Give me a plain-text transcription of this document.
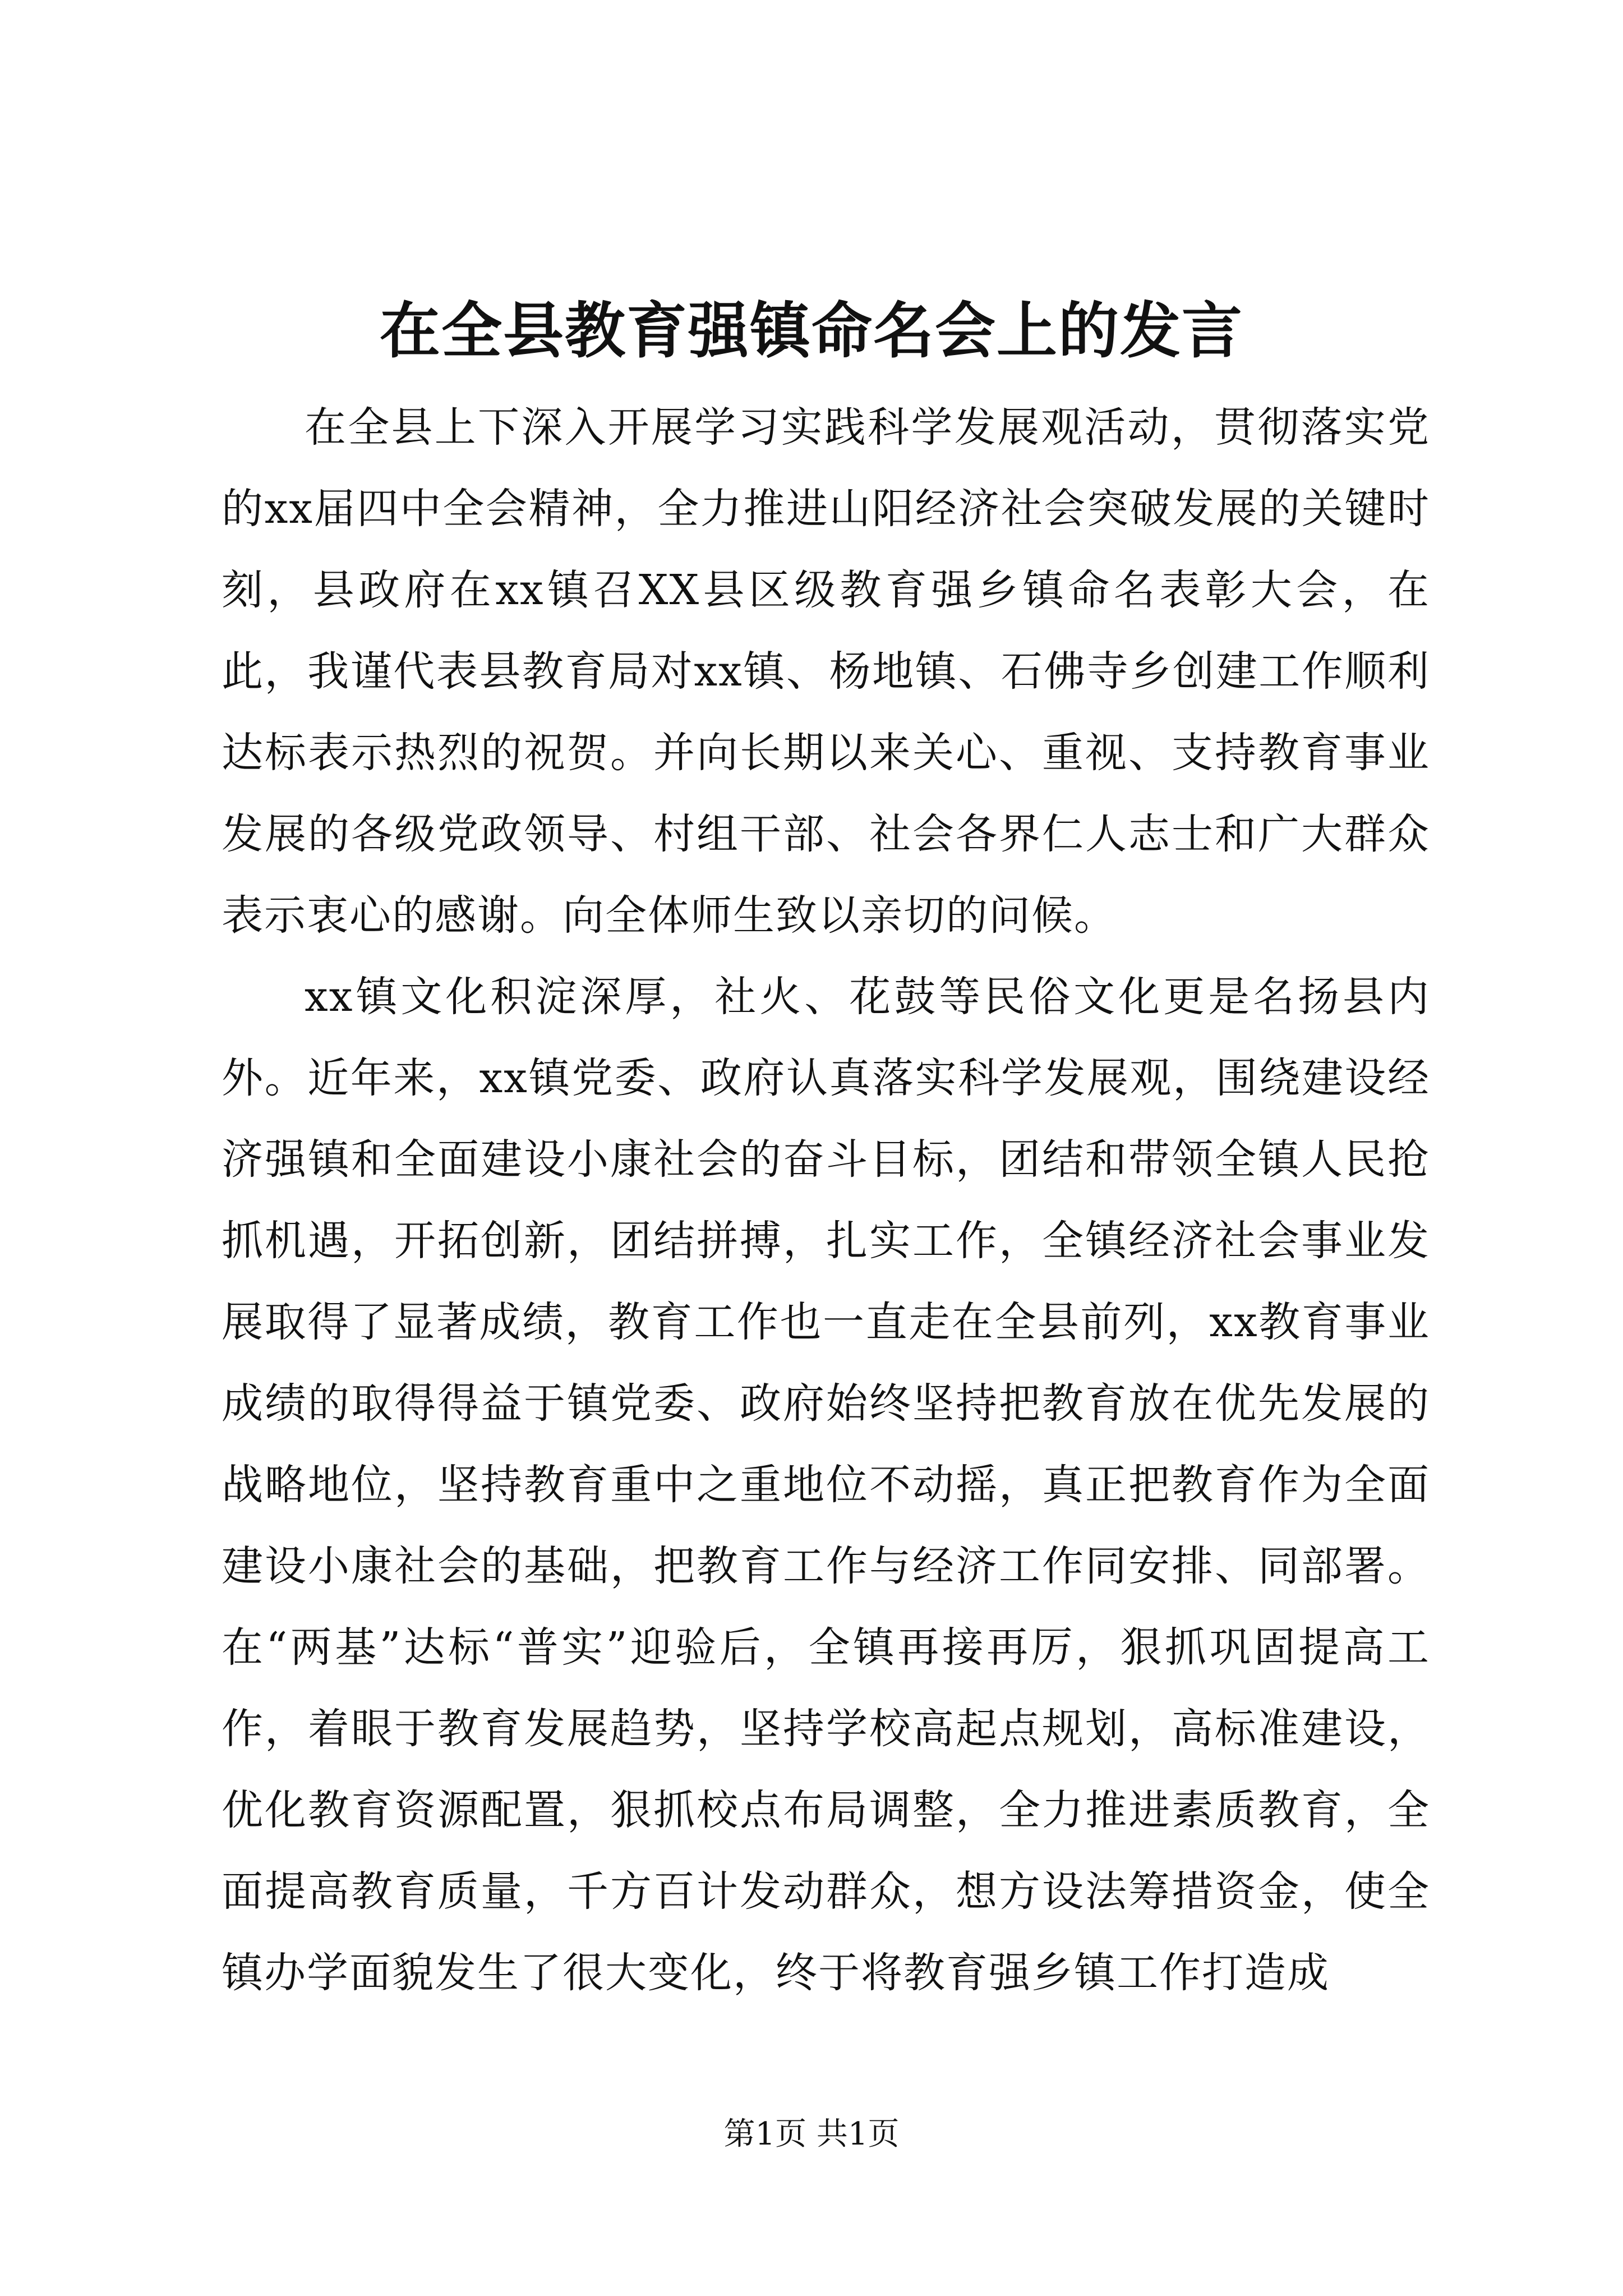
在全县教育强镇命名会上的发言

在全县上下深入开展学习实践科学发展观活动，贯彻落实党的xx届四中全会精神，全力推进山阳经济社会突破发展的关键时刻，县政府在xx镇召XX县区级教育强乡镇命名表彰大会，在此，我谨代表县教育局对xx镇、杨地镇、石佛寺乡创建工作顺利达标表示热烈的祝贺。并向长期以来关心、重视、支持教育事业发展的各级党政领导、村组干部、社会各界仁人志士和广大群众表示衷心的感谢。向全体师生致以亲切的问候。

xx镇文化积淀深厚，社火、花鼓等民俗文化更是名扬县内外。近年来，xx镇党委、政府认真落实科学发展观，围绕建设经济强镇和全面建设小康社会的奋斗目标，团结和带领全镇人民抢抓机遇，开拓创新，团结拼搏，扎实工作，全镇经济社会事业发展取得了显著成绩，教育工作也一直走在全县前列，xx教育事业成绩的取得得益于镇党委、政府始终坚持把教育放在优先发展的战略地位，坚持教育重中之重地位不动摇，真正把教育作为全面建设小康社会的基础，把教育工作与经济工作同安排、同部署。在“两基”达标“普实”迎验后，全镇再接再厉，狠抓巩固提高工作，着眼于教育发展趋势，坚持学校高起点规划，高标准建设，优化教育资源配置，狠抓校点布局调整，全力推进素质教育，全面提高教育质量，千方百计发动群众，想方设法筹措资金，使全镇办学面貌发生了很大变化，终于将教育强乡镇工作打造成

第1页 共1页
